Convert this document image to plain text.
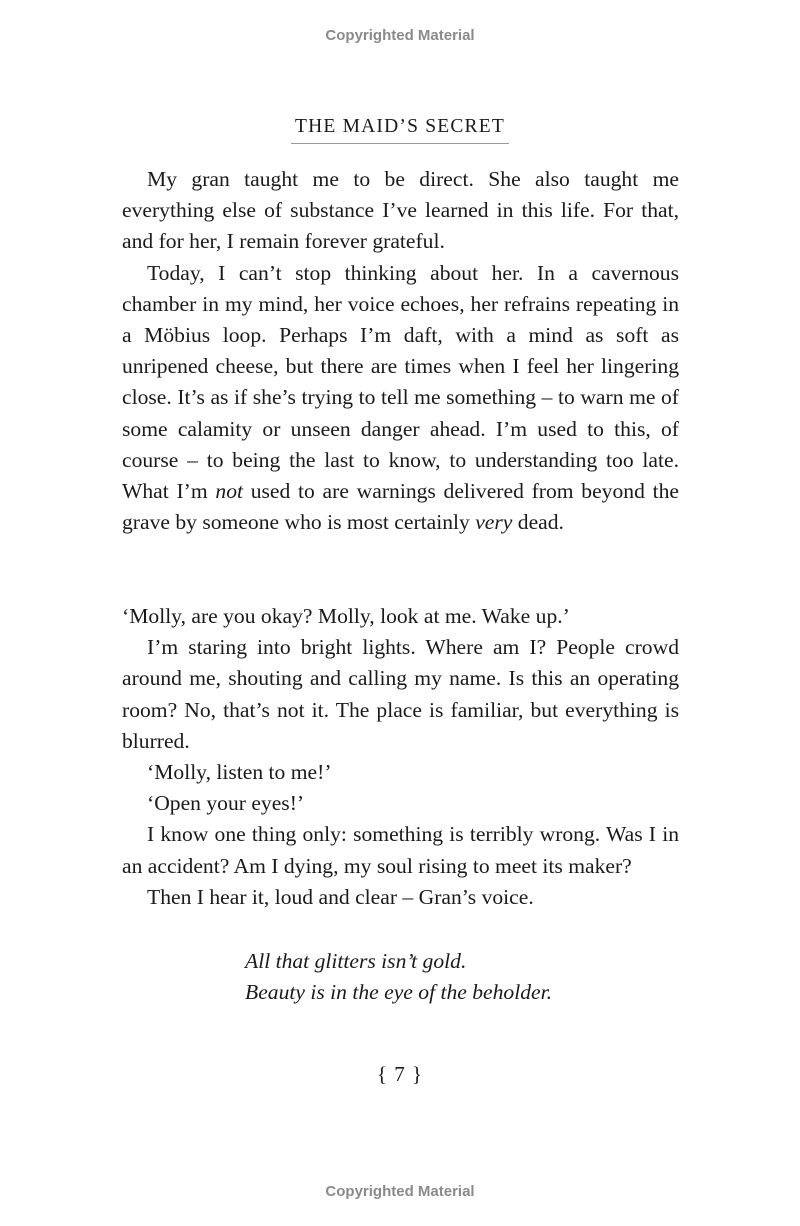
Copyrighted Material
THE MAID’S SECRET

My gran taught me to be direct. She also taught me everything else of substance I’ve learned in this life. For that, and for her, I remain forever grateful.

Today, I can’t stop thinking about her. In a cavernous chamber in my mind, her voice echoes, her refrains repeating in a Möbius loop. Perhaps I’m daft, with a mind as soft as unripened cheese, but there are times when I feel her lingering close. It’s as if she’s trying to tell me something – to warn me of some calamity or unseen danger ahead. I’m used to this, of course – to being the last to know, to understanding too late. What I’m not used to are warnings delivered from beyond the grave by someone who is most certainly very dead.

‘Molly, are you okay? Molly, look at me. Wake up.’

I’m staring into bright lights. Where am I? People crowd around me, shouting and calling my name. Is this an operating room? No, that’s not it. The place is familiar, but everything is blurred.

‘Molly, listen to me!’

‘Open your eyes!’

I know one thing only: something is terribly wrong. Was I in an accident? Am I dying, my soul rising to meet its maker?

Then I hear it, loud and clear – Gran’s voice.

All that glitters isn’t gold.
Beauty is in the eye of the beholder.
{ 7 }
Copyrighted Material
